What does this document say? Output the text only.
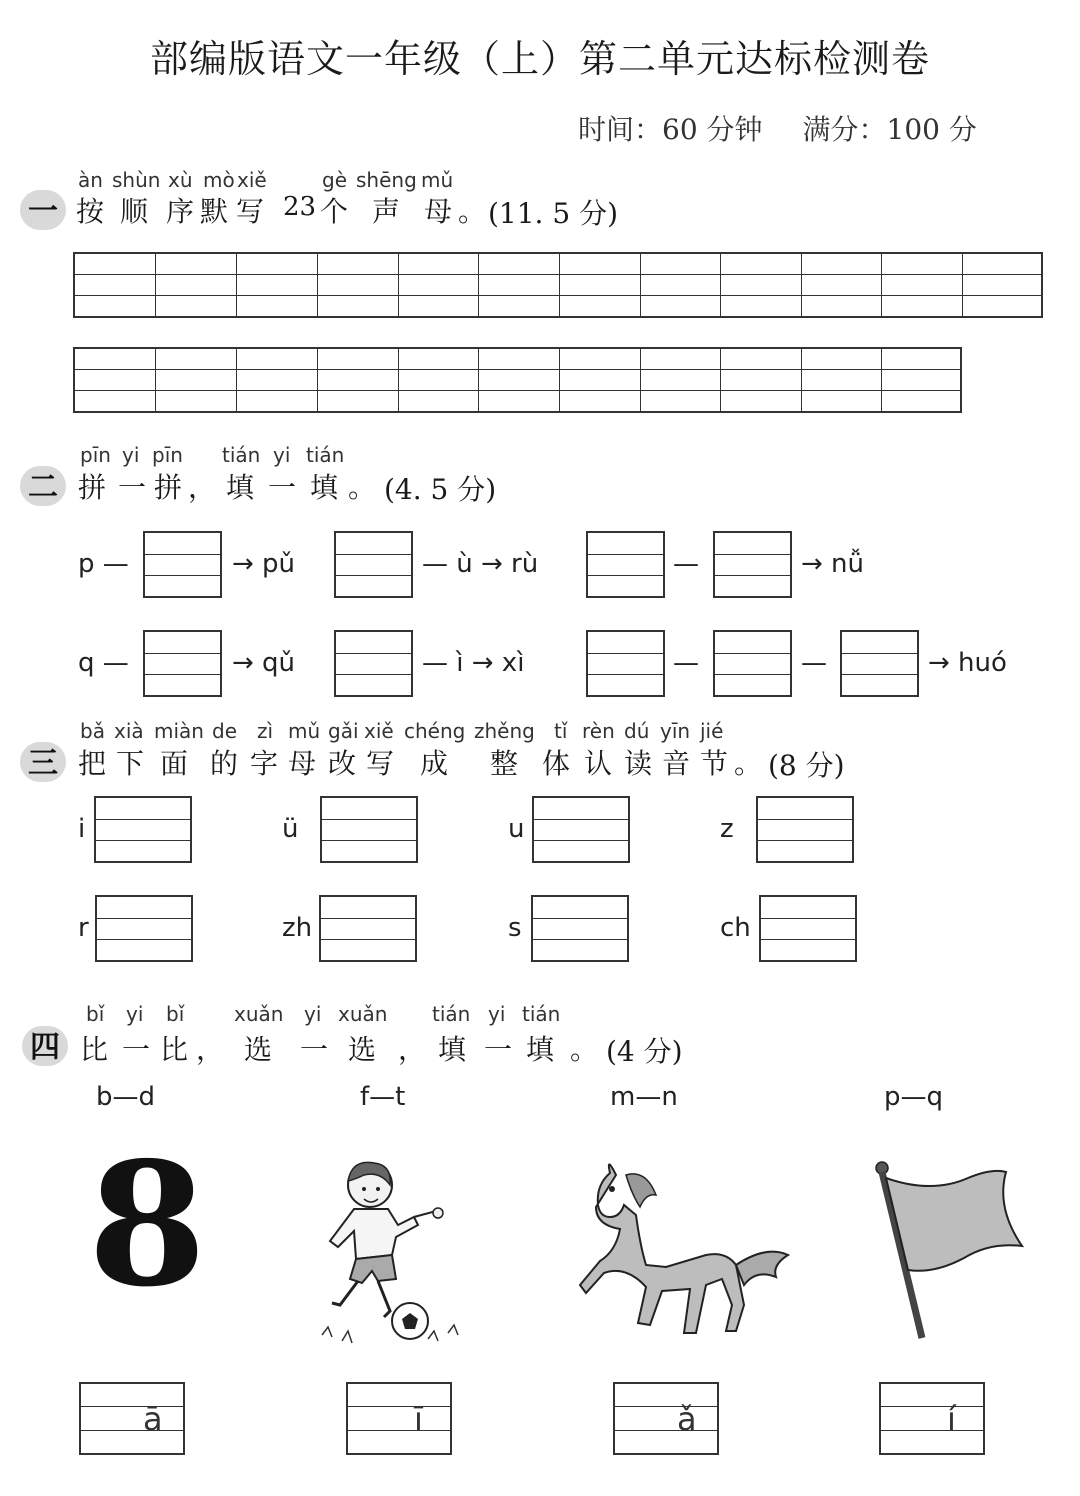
部编版语文一年级（上）第二单元达标检测卷
时间：60 分钟 满分：100 分
一
àn shùn xù mò xiě	gè shēng mǔ
按 顺 序 默 写 23 个 声 母 。 (11. 5 分)
二
pīn yi pīn tián yi tián
拼 一 拼 ， 填 一 填 。 (4. 5 分)
p —	→ pǔ	— ù → rù	—	→ nǚ
q —	→ qǔ	— ì → xì	—	—	→ huó
三
bǎ xià miàn de zì mǔ gǎi xiě chéng zhěng tǐ rèn dú yīn jié
把 下 面 的 字 母 改 写 成 整 体 认 读 音 节 。 (8 分)
i	ü	u	z
r	zh	s	ch
四
bǐ yi bǐ xuǎn yi xuǎn tián yi tián
比 一 比 ， 选 一 选 ， 填 一 填 。 (4 分)
b—d	f—t	m—n	p—q
8
ā	ī	ǎ	í
